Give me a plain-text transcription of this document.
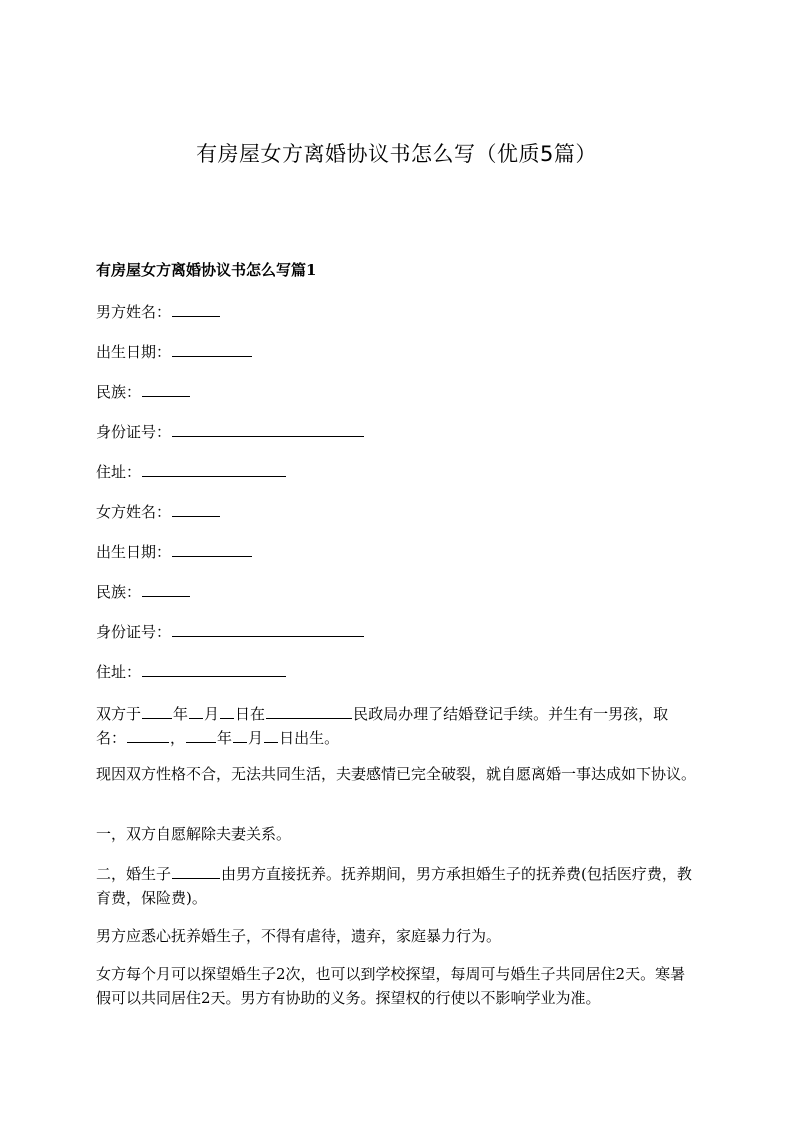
有房屋女方离婚协议书怎么写（优质5篇）
有房屋女方离婚协议书怎么写篇1
男方姓名：
出生日期：
民族：
身份证号：
住址：
女方姓名：
出生日期：
民族：
身份证号：
住址：
双方于 年 月 日在	民政局办理了结婚登记手续。并生有一男孩，取
名：	， 年 月 日出生。
现因双方性格不合，无法共同生活，夫妻感情已完全破裂，就自愿离婚一事达成如下协议。
一，双方自愿解除夫妻关系。
二，婚生子	由男方直接抚养。抚养期间，男方承担婚生子的抚养费(包括医疗费，教育费，保险费)。
男方应悉心抚养婚生子，不得有虐待，遗弃，家庭暴力行为。
女方每个月可以探望婚生子2次，也可以到学校探望，每周可与婚生子共同居住2天。寒暑假可以共同居住2天。男方有协助的义务。探望权的行使以不影响学业为准。
